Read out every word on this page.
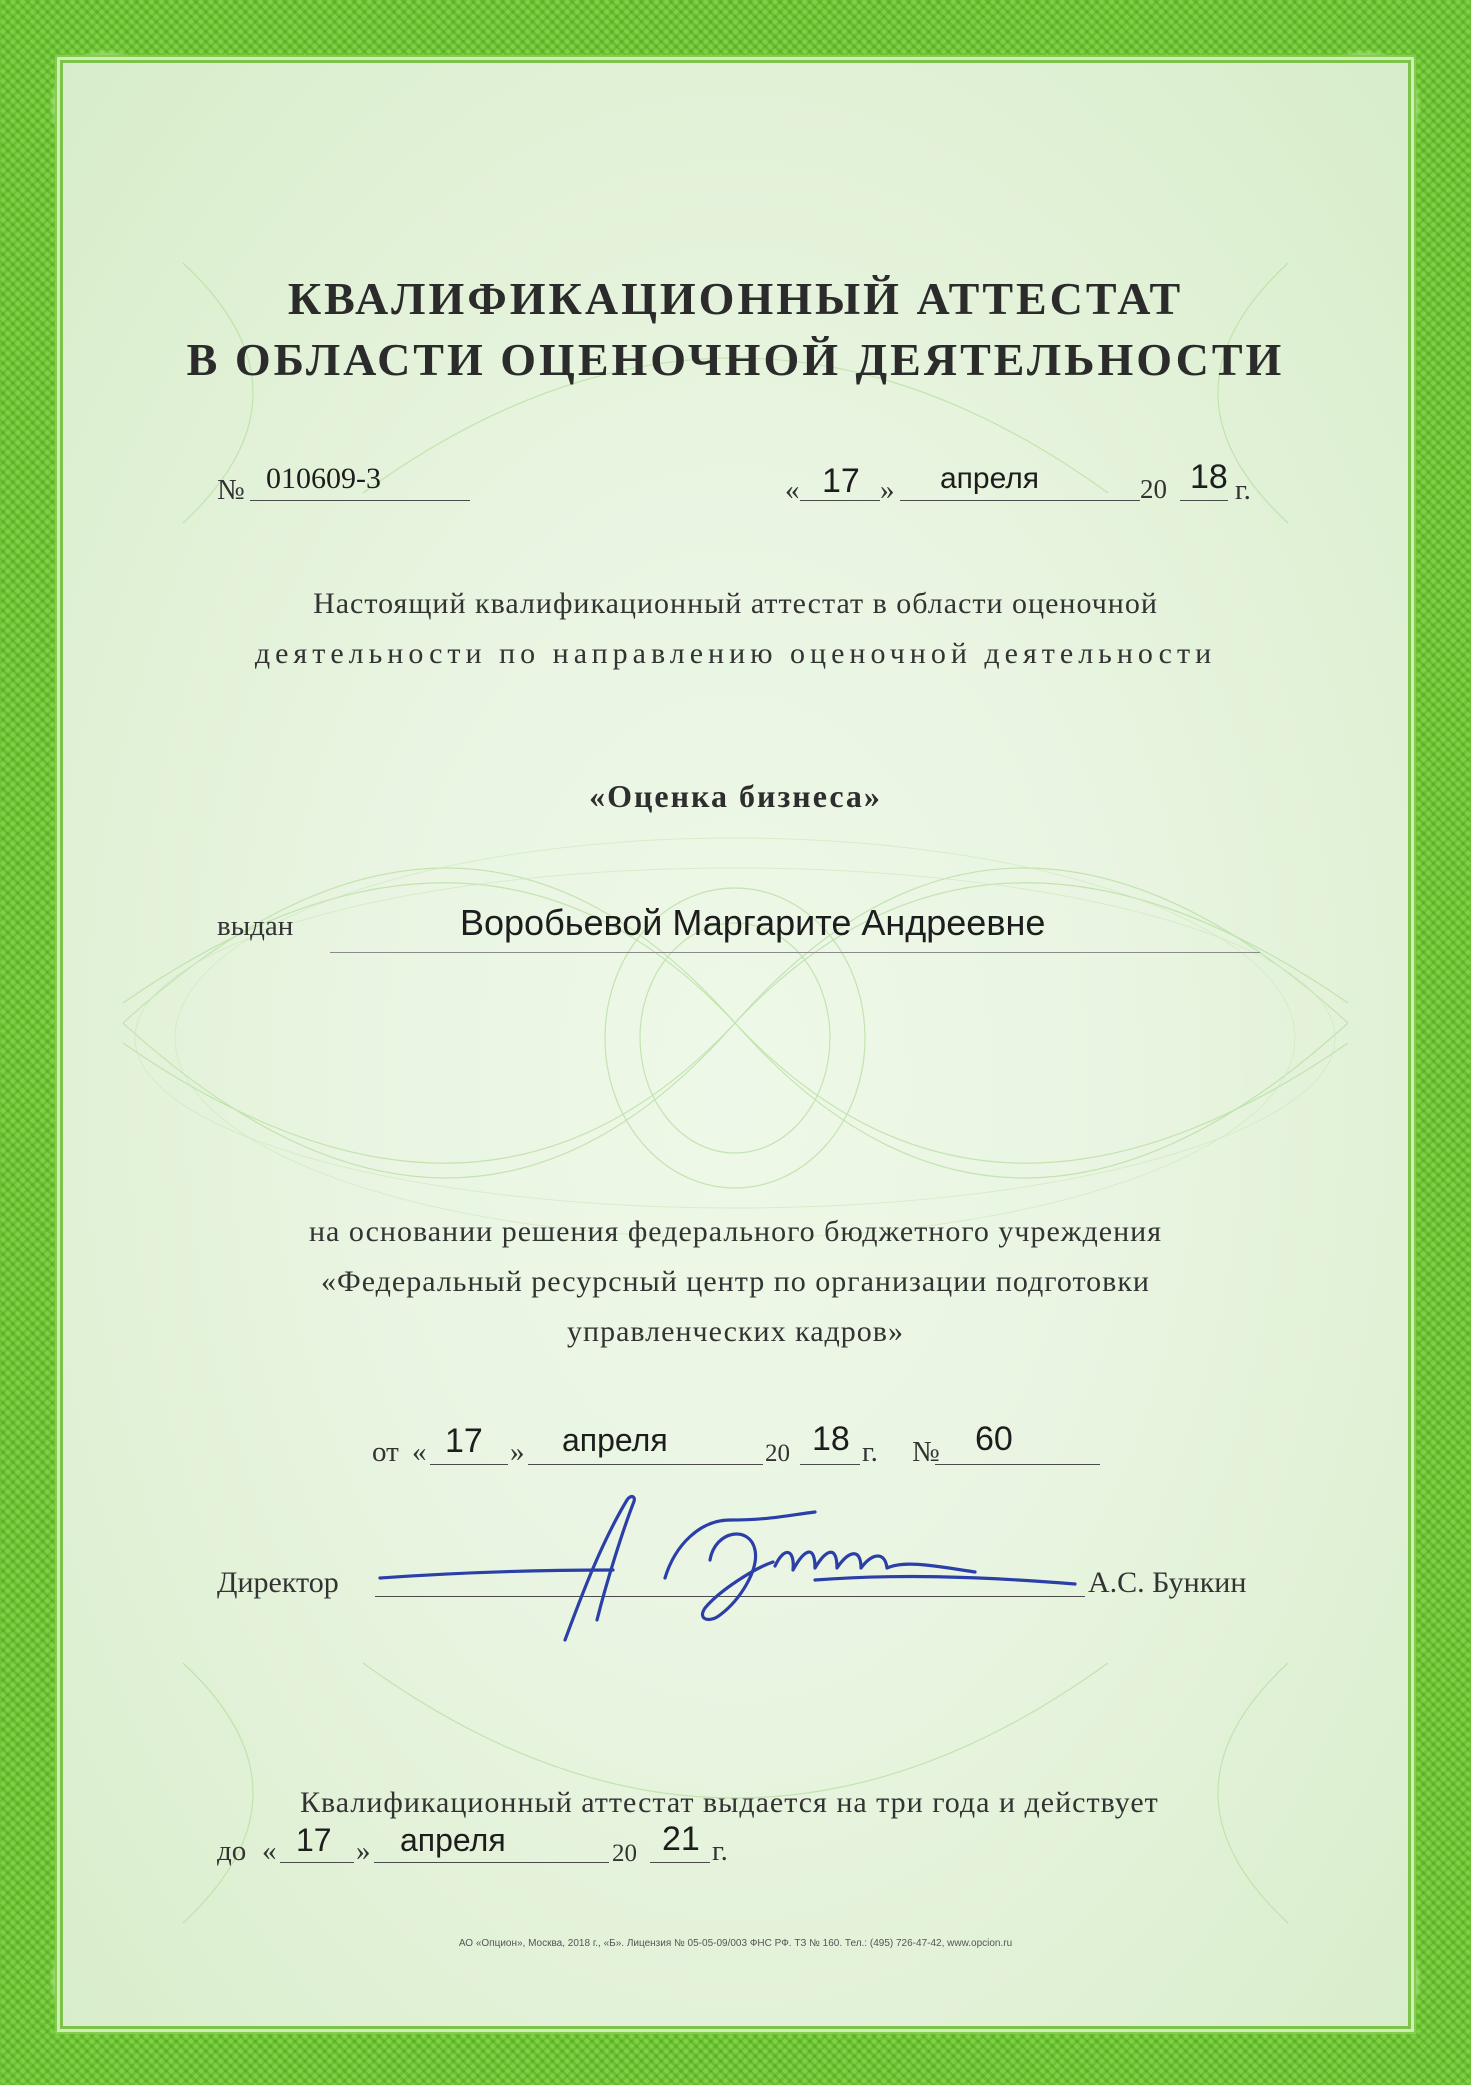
КВАЛИФИКАЦИОННЫЙ АТТЕСТАТ
В ОБЛАСТИ ОЦЕНОЧНОЙ ДЕЯТЕЛЬНОСТИ
№ 010609-3	« 17 » апреля	20 18 г.
Настоящий квалификационный аттестат в области оценочной
деятельности по направлению оценочной деятельности
«Оценка бизнеса»
выдан	Воробьевой Маргарите Андреевне
на основании решения федерального бюджетного учреждения
«Федеральный ресурсный центр по организации подготовки
управленческих кадров»
от « 17 » апреля	20 18 г. № 60
Директор	А.С. Бункин
Квалификационный аттестат выдается на три года и действует
до « 17 » апреля	20 21 г.
АО «Опцион», Москва, 2018 г., «Б». Лицензия № 05-05-09/003 ФНС РФ. ТЗ № 160. Тел.: (495) 726-47-42, www.opcion.ru
